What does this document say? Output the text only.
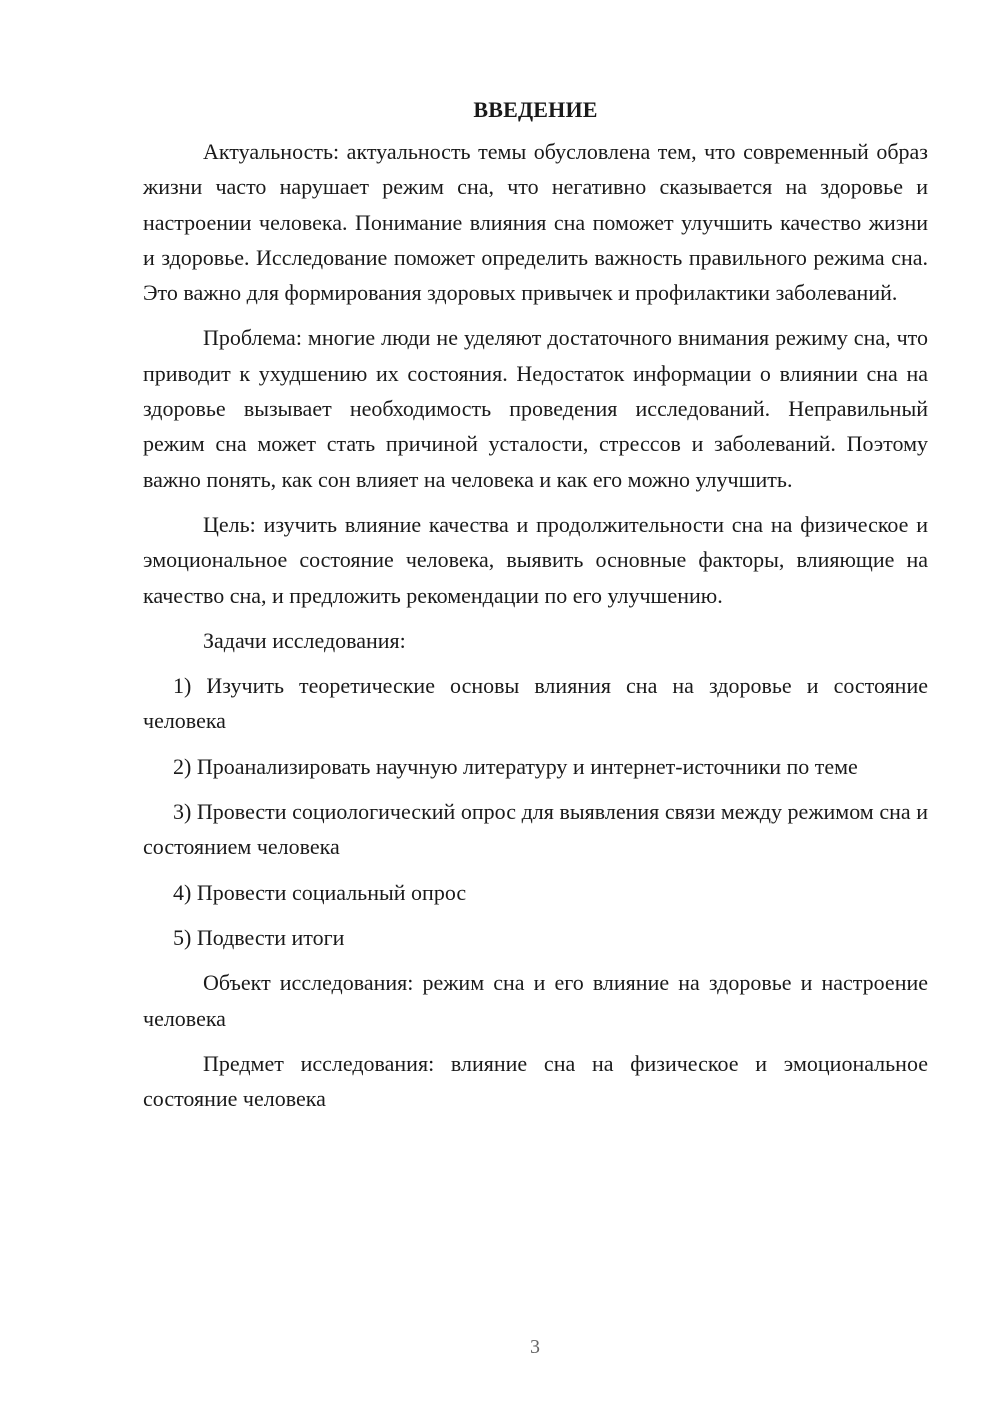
ВВЕДЕНИЕ

Актуальность: актуальность темы обусловлена тем, что современный образ жизни часто нарушает режим сна, что негативно сказывается на здоровье и настроении человека. Понимание влияния сна поможет улучшить качество жизни и здоровье. Исследование поможет определить важность правильного режима сна. Это важно для формирования здоровых привычек и профилактики заболеваний.

Проблема: многие люди не уделяют достаточного внимания режиму сна, что приводит к ухудшению их состояния. Недостаток информации о влиянии сна на здоровье вызывает необходимость проведения исследований. Неправильный режим сна может стать причиной усталости, стрессов и заболеваний. Поэтому важно понять, как сон влияет на человека и как его можно улучшить.

Цель: изучить влияние качества и продолжительности сна на физическое и эмоциональное состояние человека, выявить основные факторы, влияющие на качество сна, и предложить рекомендации по его улучшению.

Задачи исследования:

1) Изучить теоретические основы влияния сна на здоровье и состояние человека

2) Проанализировать научную литературу и интернет-источники по теме

3) Провести социологический опрос для выявления связи между режимом сна и состоянием человека

4) Провести социальный опрос

5) Подвести итоги

Объект исследования: режим сна и его влияние на здоровье и настроение человека

Предмет исследования: влияние сна на физическое и эмоциональное состояние человека

3
